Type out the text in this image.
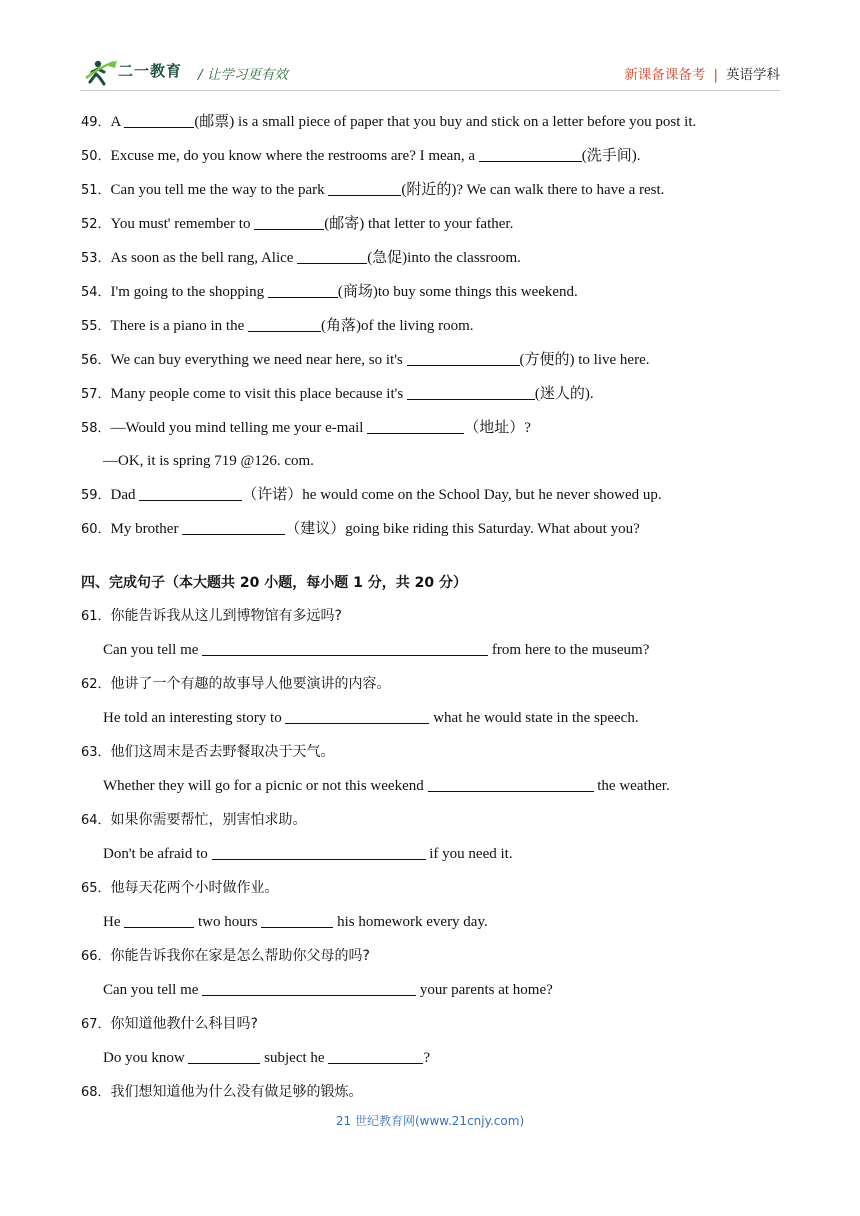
二一教育 / 让学习更有效	新课备课备考 | 英语学科
49．A	(邮票) is a small piece of paper that you buy and stick on a letter before you post it.
50．Excuse me, do you know where the restrooms are? I mean, a	(洗手间).
51．Can you tell me the way to the park	(附近的)? We can walk there to have a rest.
52．You must' remember to	(邮寄) that letter to your father.
53．As soon as the bell rang, Alice	(急促)into the classroom.
54．I'm going to the shopping	(商场)to buy some things this weekend.
55．There is a piano in the	(角落)of the living room.
56．We can buy everything we need near here, so it's	(方便的) to live here.
57．Many people come to visit this place because it's	(迷人的).
58．—Would you mind telling me your e-mail	（地址）?
—OK, it is spring 719 @126. com.
59．Dad	（许诺）he would come on the School Day, but he never showed up.
60．My brother	（建议）going bike riding this Saturday. What about you?
四、完成句子（本大题共 20 小题，每小题 1 分，共 20 分）
61．你能告诉我从这儿到博物馆有多远吗?
Can you tell me	from here to the museum?
62．他讲了一个有趣的故事导人他要演讲的内容。
He told an interesting story to	what he would state in the speech.
63．他们这周末是否去野餐取决于天气。
Whether they will go for a picnic or not this weekend	the weather.
64．如果你需要帮忙，别害怕求助。
Don't be afraid to	if you need it.
65．他每天花两个小时做作业。
He	two hours	his homework every day.
66．你能告诉我你在家是怎么帮助你父母的吗?
Can you tell me	your parents at home?
67．你知道他教什么科目吗?
Do you know	subject he	?
68．我们想知道他为什么没有做足够的锻炼。
21 世纪教育网(www.21cnjy.com)
